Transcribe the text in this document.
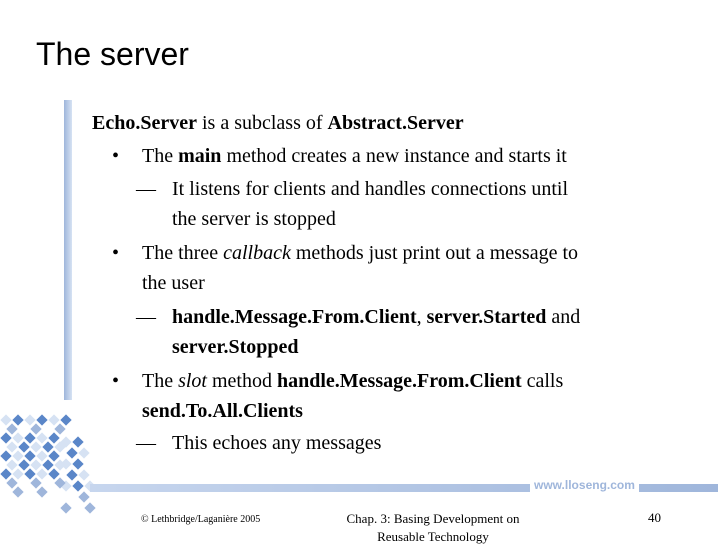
The server
www.lloseng.com
Echo.Server is a subclass of Abstract.Server
• The main method creates a new instance and starts it
— It listens for clients and handles connections until
the server is stopped
• The three callback methods just print out a message to
the user
— handle.Message.From.Client, server.Started and
server.Stopped
• The slot method handle.Message.From.Client calls
send.To.All.Clients
— This echoes any messages
© Lethbridge/Laganière 2005	Chap. 3: Basing Development on Reusable Technology
40
